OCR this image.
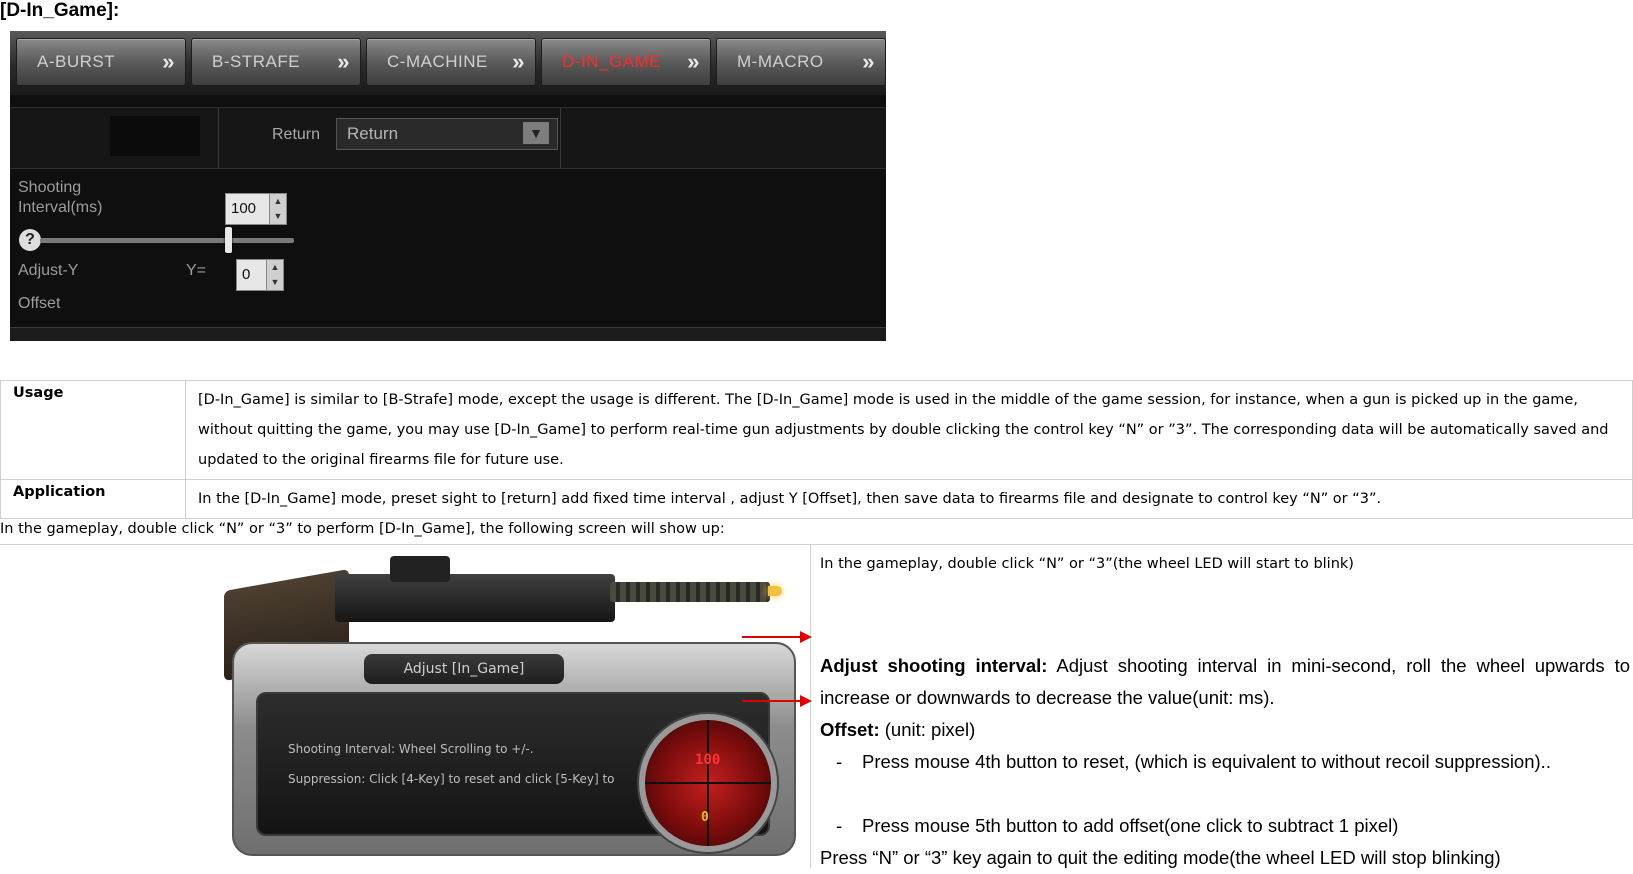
[D-In_Game]:
A-BURST » B-STRAFE » C-MACHINE » D-IN_GAME » M-MACRO »
Return Return	▼
Shooting Interval(ms)	100	▲
▼
?
Adjust-Y	Y= 0	▲
▼
Offset
Usage	[D-In_Game] is similar to [B-Strafe] mode, except the usage is different. The [D-In_Game] mode is used in the middle of the game session, for instance, when a gun is picked up in the game, without quitting the game, you may use [D-In_Game] to perform real-time gun adjustments by double clicking the control key “N” or ”3”. The corresponding data will be automatically saved and updated to the original firearms file for future use.
Application	In the [D-In_Game] mode, preset sight to [return] add fixed time interval , adjust Y [Offset], then save data to firearms file and designate to control key “N” or “3”.
In the gameplay, double click “N” or “3” to perform [D-In_Game], the following screen will show up:
Adjust [In_Game]
Shooting Interval: Wheel Scrolling to +/-.
Suppression: Click [4-Key] to reset and click [5-Key] to
100
0
In the gameplay, double click “N” or “3”(the wheel LED will start to blink)
Adjust shooting interval: Adjust shooting interval in mini-second, roll the wheel upwards to increase or downwards to decrease the value(unit: ms).
Offset: (unit: pixel)
- Press mouse 4th button to reset, (which is equivalent to without recoil suppression)..
- Press mouse 5th button to add offset(one click to subtract 1 pixel)
Press “N” or “3” key again to quit the editing mode(the wheel LED will stop blinking)
